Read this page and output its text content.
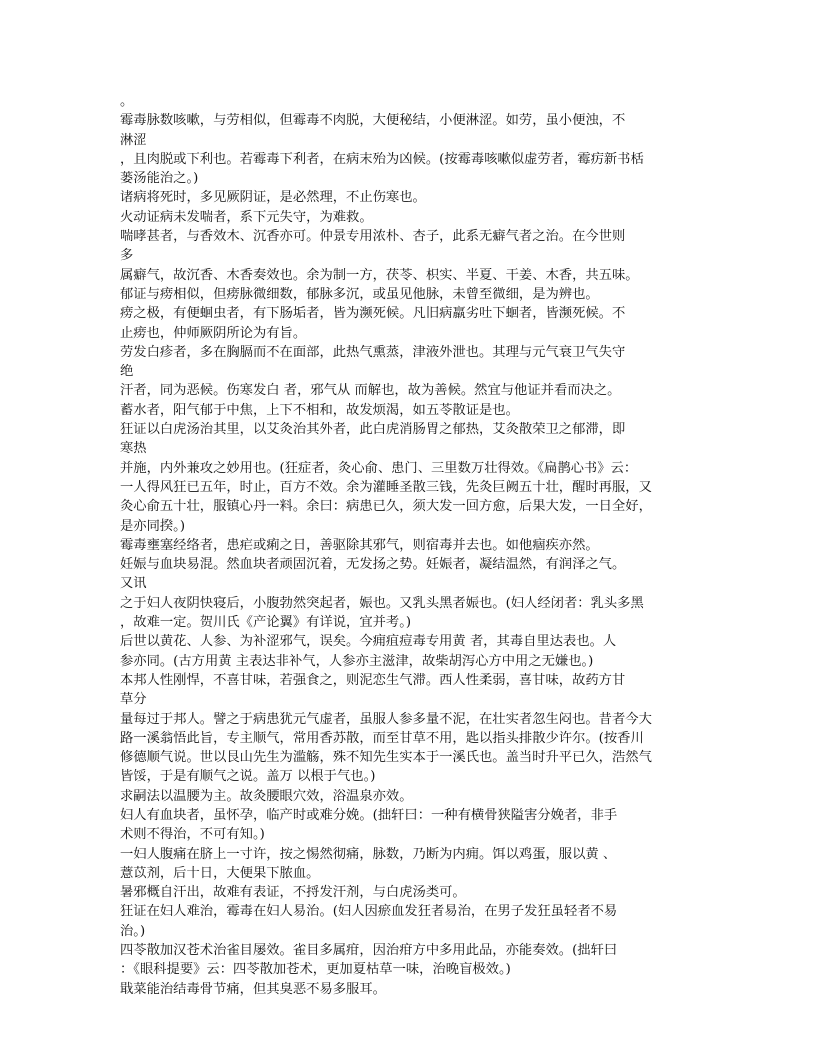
。
霉毒脉数咳嗽，与劳相似，但霉毒不肉脱，大便秘结，小便淋涩。如劳，虽小便浊，不
淋涩
，且肉脱或下利也。若霉毒下利者，在病末殆为凶候。(按霉毒咳嗽似虚劳者，霉疠新书栝
蒌汤能治之。)
诸病将死时，多见厥阴证，是必然理，不止伤寒也。
火动证病未发喘者，系下元失守，为难救。
喘哮甚者，与香效木、沉香亦可。仲景专用浓朴、杏子，此系无癖气者之治。在今世则
多
属癖气，故沉香、木香奏效也。余为制一方，茯苓、枳实、半夏、干姜、木香，共五味。
郁证与痨相似，但痨脉微细数，郁脉多沉，或虽见他脉，未曾至微细，是为辨也。
痨之极，有便蛔虫者，有下肠垢者，皆为濒死候。凡旧病羸劣吐下蛔者，皆濒死候。不
止痨也，仲师厥阴所论为有旨。
劳发白疹者，多在胸膈而不在面部，此热气熏蒸，津液外泄也。其理与元气衰卫气失守
绝
汗者，同为恶候。伤寒发白 者，邪气从 而解也，故为善候。然宜与他证并看而决之。
蓄水者，阳气郁于中焦，上下不相和，故发烦渴，如五苓散证是也。
狂证以白虎汤治其里，以艾灸治其外者，此白虎消肠胃之郁热，艾灸散荣卫之郁滞，即
寒热
并施，内外兼攻之妙用也。(狂症者，灸心俞、患门、三里数万壮得效。《扁鹊心书》云：
一人得风狂已五年，时止，百方不效。余为灌睡圣散三钱，先灸巨阙五十壮，醒时再服，又
灸心俞五十壮，服镇心丹一料。余曰：病患已久，须大发一回方愈，后果大发，一日全好，
是亦同揆。)
霉毒壅塞经络者，患疟或痢之日，善驱除其邪气，则宿毒并去也。如他痼疾亦然。
妊娠与血块易混。然血块者顽固沉着，无发扬之势。妊娠者，凝结温然，有润泽之气。
又讯
之于妇人夜阴快寝后，小腹勃然突起者，娠也。又乳头黑者娠也。(妇人经闭者：乳头多黑
，故难一定。贺川氏《产论翼》有详说，宜并考。)
后世以黄花、人参、为补涩邪气，误矣。今痈疽痘毒专用黄 者，其毒自里达表也。人
参亦同。(古方用黄 主表达非补气，人参亦主滋津，故柴胡泻心方中用之无嫌也。)
本邦人性刚悍，不喜甘味，若强食之，则泥恋生气滞。西人性柔弱，喜甘味，故药方甘
草分
量每过于邦人。譬之于病患犹元气虚者，虽服人参多量不泥，在壮实者忽生闷也。昔者今大
路一溪翁悟此旨，专主顺气，常用香苏散，而至甘草不用，匙以指头排散少许尔。(按香川
修德顺气说。世以艮山先生为滥觞，殊不知先生实本于一溪氏也。盖当时升平已久，浩然气
皆馁，于是有顺气之说。盖万 以根于气也。)
求嗣法以温腰为主。故灸腰眼穴效，浴温泉亦效。
妇人有血块者，虽怀孕，临产时或难分娩。(拙轩曰：一种有横骨狭隘害分娩者，非手
术则不得治，不可有知。)
一妇人腹痛在脐上一寸许，按之惕然彻痛，脉数，乃断为内痈。饵以鸡蛋，服以黄 、
薏苡剂，后十日，大便果下脓血。
暑邪概自汗出，故难有表证，不捋发汗剂，与白虎汤类可。
狂证在妇人难治，霉毒在妇人易治。(妇人因瘀血发狂者易治，在男子发狂虽轻者不易
治。)
四苓散加汉苍术治雀目屡效。雀目多属疳，因治疳方中多用此品，亦能奏效。(拙轩曰
：《眼科提要》云：四苓散加苍术，更加夏枯草一味，治晚盲极效。)
戢菜能治结毒骨节痛，但其臭恶不易多服耳。
